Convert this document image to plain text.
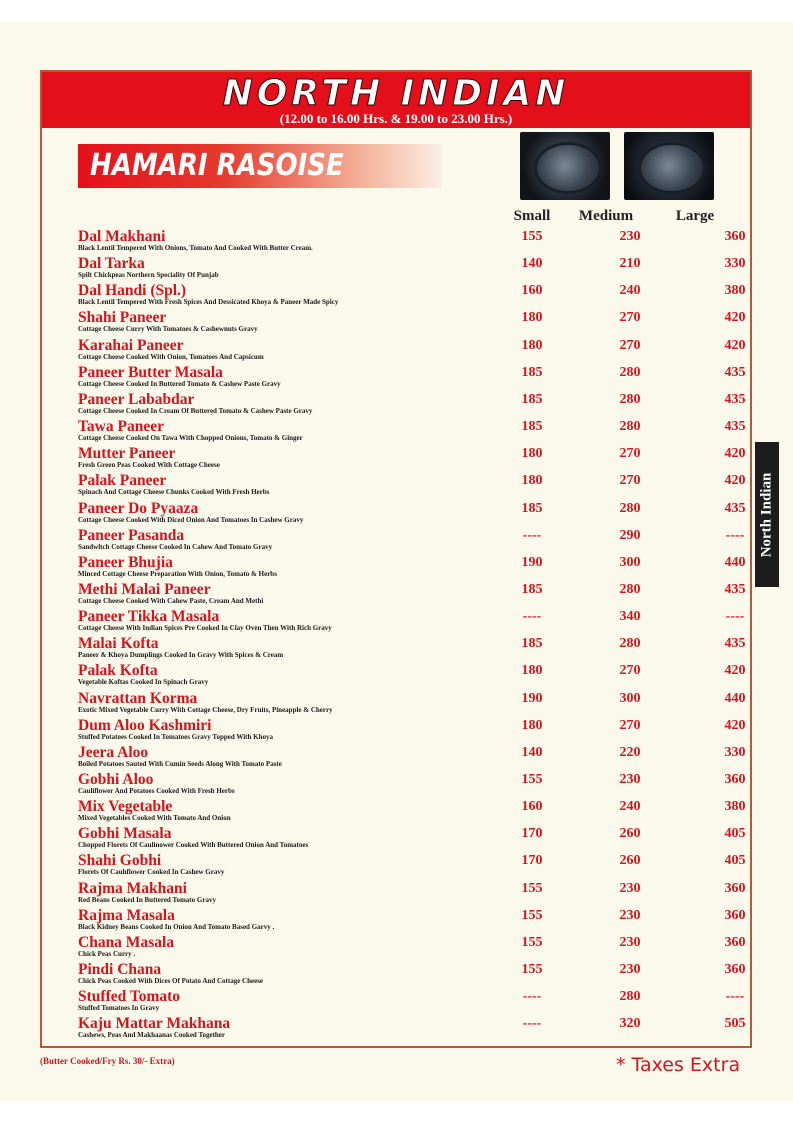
NORTH INDIAN
(12.00 to 16.00 Hrs. & 19.00 to 23.00 Hrs.)
HAMARI RASOISE
Small	Medium	Large
Dal Makhani
Black Lentil Tempered With Onions, Tomato And Cooked With Butter Cream.
155	230	360
Dal Tarka
Spilt Chickpeas Northern Speciality Of Punjab
140	210	330
Dal Handi (Spl.)
Black Lentil Tempered With Fresh Spices And Dessicated Khoya & Paneer Made Spicy
160	240	380
Shahi Paneer
Cottage Cheese Curry With Tomatoes & Cashewnuts Gravy
180	270	420
Karahai Paneer
Cottage Cheese Cooked With Onion, Tomatoes And Capsicum
180	270	420
Paneer Butter Masala
Cottage Cheese Cooked In Buttered Tomato & Cashew Paste Gravy
185	280	435
Paneer Lababdar
Cottage Cheese Cooked In Cream Of Buttered Tomato & Cashew Paste Gravy
185	280	435
Tawa Paneer
Cottage Cheese Cooked On Tawa With Chopped Onions, Tomato & Ginger
185	280	435
Mutter Paneer
Fresh Green Peas Cooked With Cottage Cheese
180	270	420
Palak Paneer
Spinach And Cottage Cheese Chunks Cooked With Fresh Herbs
180	270	420
Paneer Do Pyaaza
Cottage Cheese Cooked With Diced Onion And Tomatoes In Cashew Gravy
185	280	435
Paneer Pasanda
Sandwltch Cottage Cheese Cooked In Cahew And Tomato Gravy
----	290	----
Paneer Bhujia
Minced Cottage Cheese Preparation With Onion, Tomato & Herbs
190	300	440
Methi Malai Paneer
Cottage Cheese Cooked With Cahew Paste, Cream And Methi
185	280	435
Paneer Tikka Masala
Cottage Cheese With Indian Spices Pre Cooked In Clay Oven Then With Rich Gravy
----	340	----
Malai Kofta
Paneer & Khoya Dumplings Cooked In Gravy With Spices & Cream
185	280	435
Palak Kofta
Vegetable Koftas Cooked In Spinach Gravy
180	270	420
Navrattan Korma
Exotic Mixed Vegetable Curry With Cottage Cheese, Dry Fruits, Pineapple & Cherry
190	300	440
Dum Aloo Kashmiri
Stuffed Potatoes Cooked In Tomatoes Gravy Topped With Khoya
180	270	420
Jeera Aloo
Boiled Potatoes Sauted With Cumin Seeds Along With Tomato Paste
140	220	330
Gobhi Aloo
Cauliflower And Potatoes Cooked With Fresh Herbs
155	230	360
Mix Vegetable
Mixed Vegetables Cooked With Tomato And Onion
160	240	380
Gobhi Masala
Chopped Florets Of Caulinower Cooked With Buttered Onion And Tomatoes
170	260	405
Shahi Gobhi
Florets Of Cauhflower Cooked In Cashew Gravy
170	260	405
Rajma Makhani
Red Beans Cooked In Buttered Tomato Gravy
155	230	360
Rajma Masala
Black Kidney Beans Cooked In Onion And Tomato Based Garvy .
155	230	360
Chana Masala
Chick Peas Curry .
155	230	360
Pindi Chana
Chick Peas Cooked With Dices Of Potato And Cottage Cheese
155	230	360
Stuffed Tomato
Stuffed Tomatoes In Gravy
----	280	----
Kaju Mattar Makhana
Cashews, Peas And Makhaanas Cooked Together
----	320	505
North Indian
(Butter Cooked/Fry Rs. 30/- Extra)	* Taxes Extra
